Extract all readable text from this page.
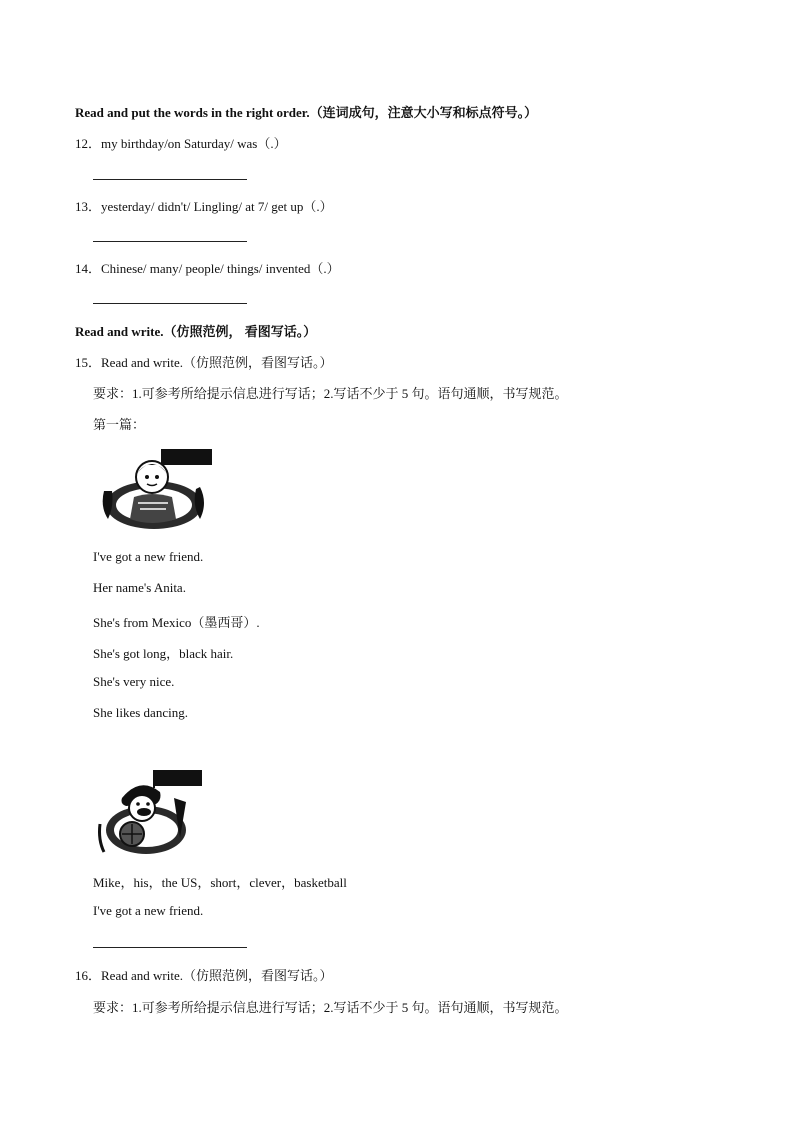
Read and put the words in the right order.（连词成句，注意大小写和标点符号。）
12．my birthday/on Saturday/ was（.）
13．yesterday/ didn't/ Lingling/ at 7/ get up（.）
14．Chinese/ many/ people/ things/ invented（.）
Read and write.（仿照范例， 看图写话。）
15．Read and write.（仿照范例，看图写话。）
要求：1.可参考所给提示信息进行写话；2.写话不少于 5 句。语句通顺，书写规范。
第一篇：
I've got a new friend.
Her name's Anita.
She's from Mexico（墨西哥）.
She's got long，black hair.
She's very nice.
She likes dancing.
Mike，his，the US，short，clever，basketball
I've got a new friend.
16．Read and write.（仿照范例，看图写话。）
要求：1.可参考所给提示信息进行写话；2.写话不少于 5 句。语句通顺，书写规范。
